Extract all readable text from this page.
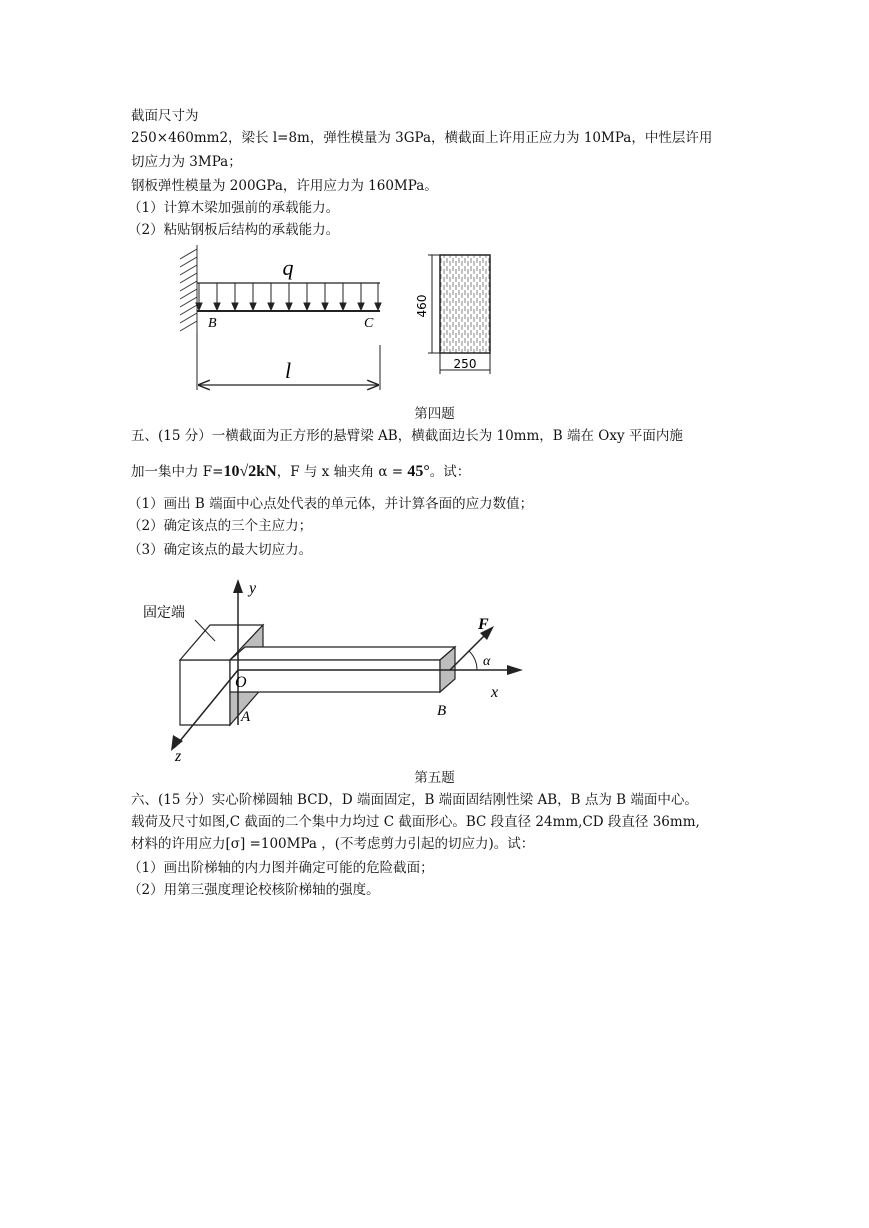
截面尺寸为
250×460mm2，梁长 l=8m，弹性模量为 3GPa，横截面上许用正应力为 10MPa，中性层许用
切应力为 3MPa；
钢板弹性模量为 200GPa，许用应力为 160MPa。
（1）计算木梁加强前的承载能力。
（2）粘贴钢板后结构的承载能力。
q
B	C
l
460
250
第四题
五、(15 分）一横截面为正方形的悬臂梁 AB，横截面边长为 10mm，B 端在 Oxy 平面内施
加一集中力 F=10√2kN，F 与 x 轴夹角 α = 45°。试：
（1）画出 B 端面中心点处代表的单元体，并计算各面的应力数值；
（2）确定该点的三个主应力；
（3）确定该点的最大切应力。
固定端
y
x
z
O
A	B
F
α
第五题
六、(15 分）实心阶梯圆轴 BCD，D 端面固定，B 端面固结刚性梁 AB，B 点为 B 端面中心。
载荷及尺寸如图,C 截面的二个集中力均过 C 截面形心。BC 段直径 24mm,CD 段直径 36mm,
材料的许用应力[σ] =100MPa ，(不考虑剪力引起的切应力)。试：
（1）画出阶梯轴的内力图并确定可能的危险截面；
（2）用第三强度理论校核阶梯轴的强度。
